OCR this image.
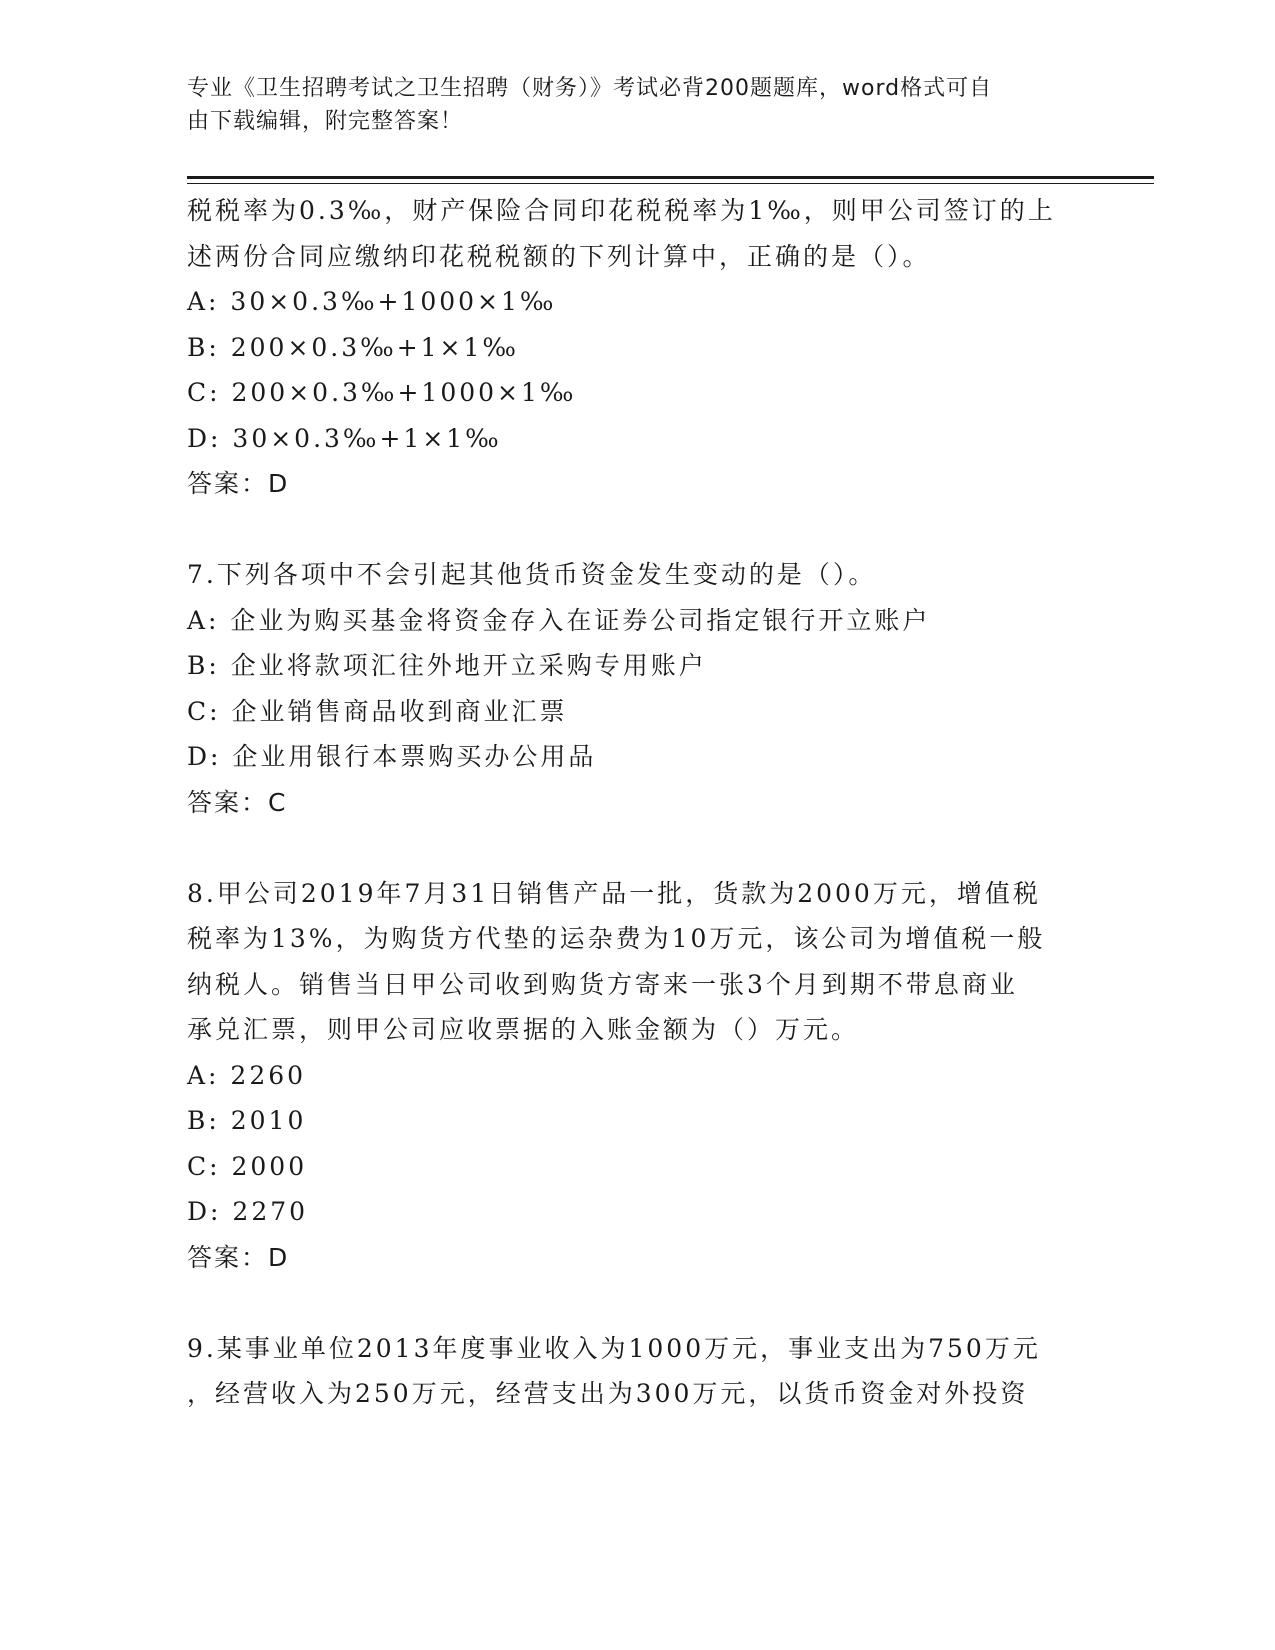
专业《卫生招聘考试之卫生招聘（财务）》考试必背200题题库，word格式可自
由下载编辑，附完整答案！
税税率为0.3‰，财产保险合同印花税税率为1‰，则甲公司签订的上
述两份合同应缴纳印花税税额的下列计算中，正确的是（）。
A: 30×0.3‰+1000×1‰
B: 200×0.3‰+1×1‰
C: 200×0.3‰+1000×1‰
D: 30×0.3‰+1×1‰
答案：D
7.下列各项中不会引起其他货币资金发生变动的是（）。
A: 企业为购买基金将资金存入在证券公司指定银行开立账户
B: 企业将款项汇往外地开立采购专用账户
C: 企业销售商品收到商业汇票
D: 企业用银行本票购买办公用品
答案：C
8.甲公司2019年7月31日销售产品一批，货款为2000万元，增值税
税率为13%，为购货方代垫的运杂费为10万元，该公司为增值税一般
纳税人。销售当日甲公司收到购货方寄来一张3个月到期不带息商业
承兑汇票，则甲公司应收票据的入账金额为（）万元。
A: 2260
B: 2010
C: 2000
D: 2270
答案：D
9.某事业单位2013年度事业收入为1000万元，事业支出为750万元
，经营收入为250万元，经营支出为300万元，以货币资金对外投资
